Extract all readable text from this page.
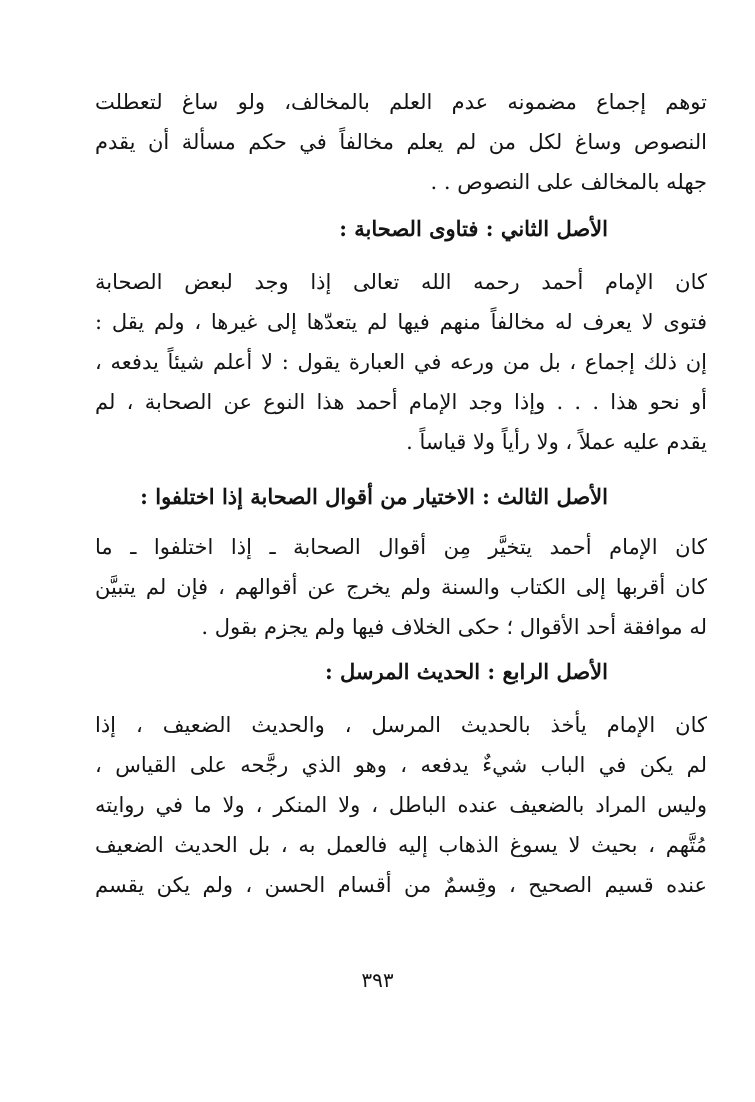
توهم إجماع مضمونه عدم العلم بالمخالف، ولو ساغ لتعطلت
النصوص وساغ لكل من لم يعلم مخالفاً في حكم مسألة أن يقدم
جهله بالمخالف على النصوص . .
الأصل الثاني : فتاوى الصحابة :
كان الإمام أحمد رحمه الله تعالى إذا وجد لبعض الصحابة
فتوى لا يعرف له مخالفاً منهم فيها لم يتعدّها إلى غيرها ، ولم يقل :
إن ذلك إجماع ، بل من ورعه في العبارة يقول : لا أعلم شيئاً يدفعه ،
أو نحو هذا . . . وإذا وجد الإمام أحمد هذا النوع عن الصحابة ، لم
يقدم عليه عملاً ، ولا رأياً ولا قياساً .
الأصل الثالث : الاختيار من أقوال الصحابة إذا اختلفوا :
كان الإمام أحمد يتخيَّر مِن أقوال الصحابة ـ إذا اختلفوا ـ ما
كان أقربها إلى الكتاب والسنة ولم يخرج عن أقوالهم ، فإن لم يتبيَّن
له موافقة أحد الأقوال ؛ حكى الخلاف فيها ولم يجزم بقول .
الأصل الرابع : الحديث المرسل :
كان الإمام يأخذ بالحديث المرسل ، والحديث الضعيف ، إذا
لم يكن في الباب شيءٌ يدفعه ، وهو الذي رجَّحه على القياس ،
وليس المراد بالضعيف عنده الباطل ، ولا المنكر ، ولا ما في روايته
مُتَّهم ، بحيث لا يسوغ الذهاب إليه فالعمل به ، بل الحديث الضعيف
عنده قسيم الصحيح ، وقِسمٌ من أقسام الحسن ، ولم يكن يقسم
٣٩٣
